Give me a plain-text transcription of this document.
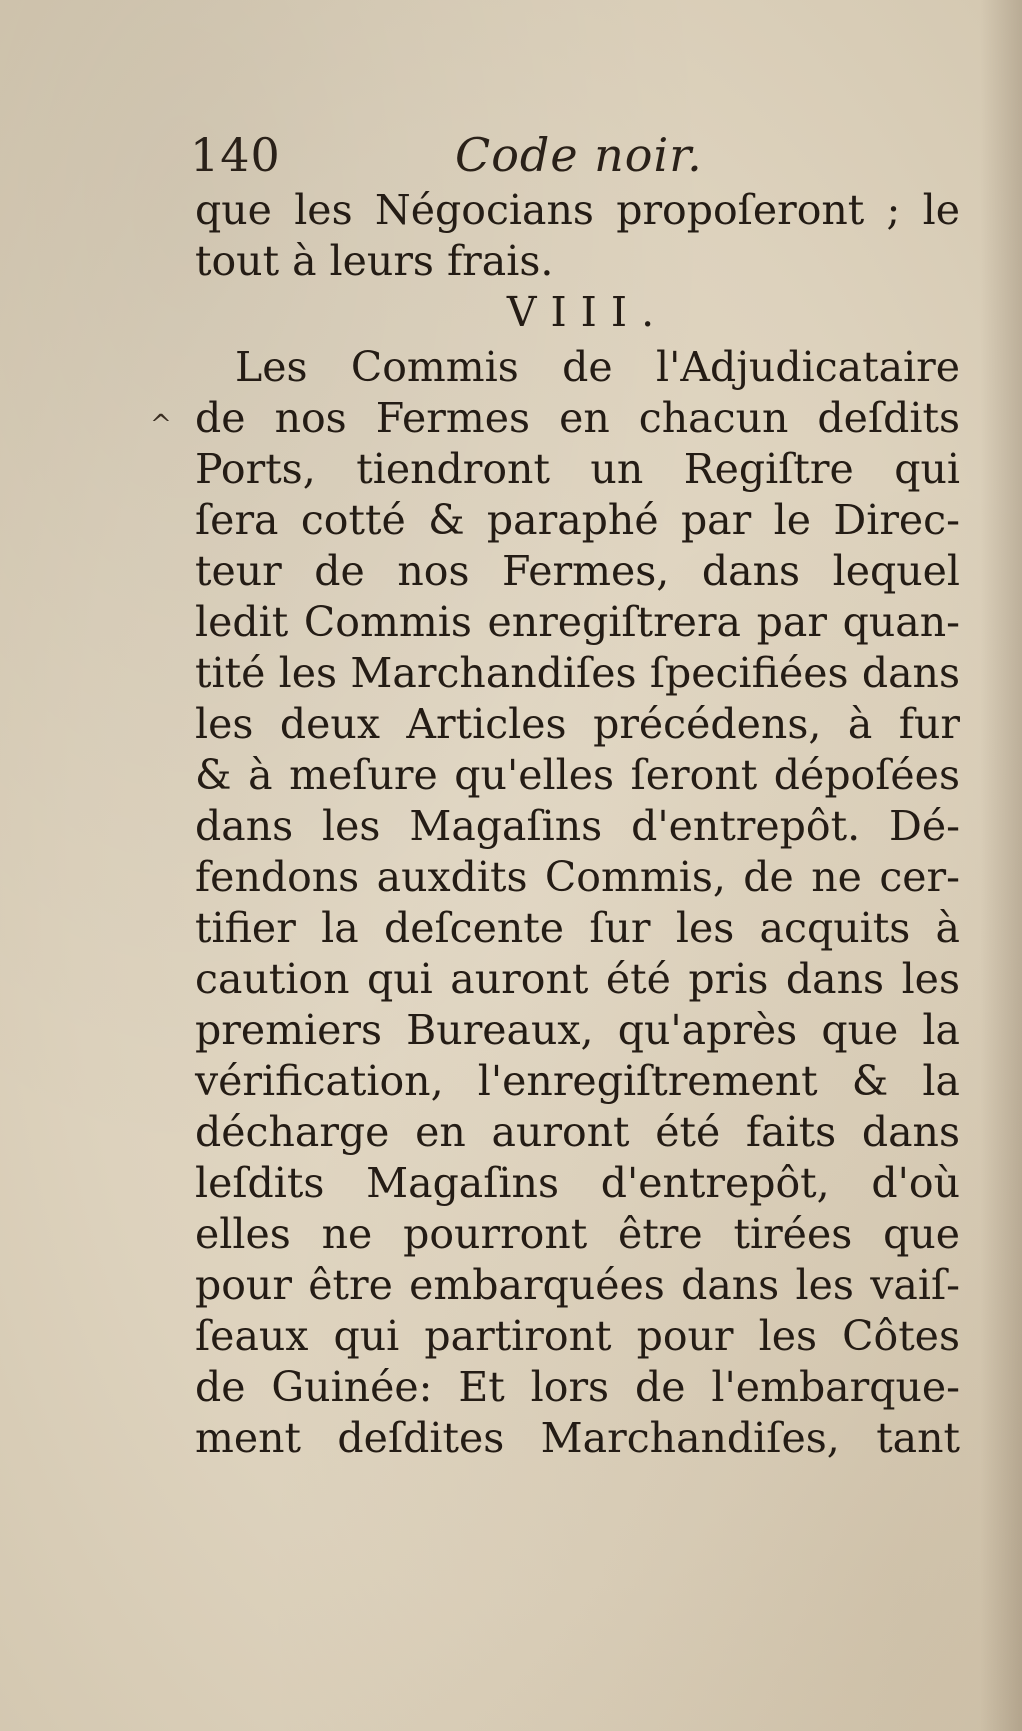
140	Code noir.
^
que les Négocians propoſeront ; le
tout à leurs frais.
VIII.
Les Commis de l'Adjudicataire
de nos Fermes en chacun deſdits
Ports, tiendront un Regiſtre qui
ſera cotté & paraphé par le Direc-
teur de nos Fermes, dans lequel
ledit Commis enregiſtrera par quan-
tité les Marchandiſes ſpecifiées dans
les deux Articles précédens, à fur
& à meſure qu'elles ſeront dépoſées
dans les Magaſins d'entrepôt. Dé-
fendons auxdits Commis, de ne cer-
tifier la deſcente ſur les acquits à
caution qui auront été pris dans les
premiers Bureaux, qu'après que la
vérification, l'enregiſtrement & la
décharge en auront été faits dans
leſdits Magaſins d'entrepôt, d'où
elles ne pourront être tirées que
pour être embarquées dans les vaiſ-
ſeaux qui partiront pour les Côtes
de Guinée: Et lors de l'embarque-
ment deſdites Marchandiſes, tant
